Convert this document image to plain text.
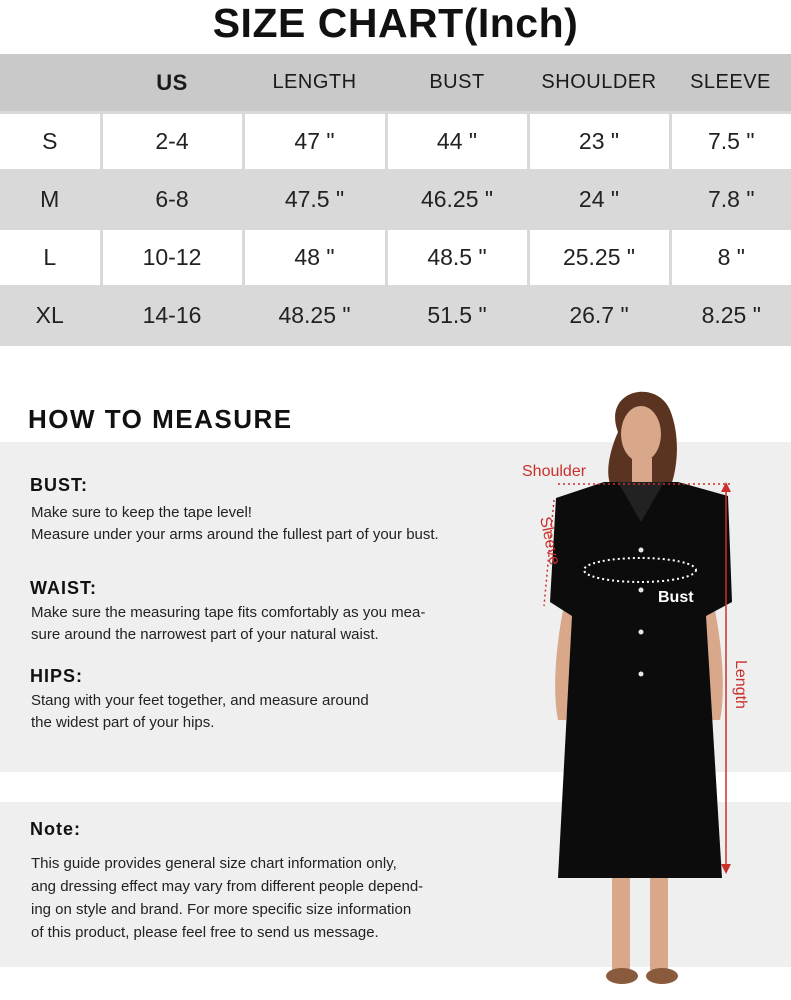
SIZE CHART(Inch)
	US	LENGTH	BUST	SHOULDER	SLEEVE
S	2-4	47 "	44 "	23 "	7.5 "
M	6-8	47.5 "	46.25 "	24 "	7.8 "
L	10-12	48 "	48.5 "	25.25 "	8 "
XL	14-16	48.25 "	51.5 "	26.7 "	8.25 "
HOW TO MEASURE
BUST:
Make sure to keep the tape level!
Measure under your arms around the fullest part of your bust.
WAIST:
Make sure the measuring tape fits comfortably as you mea-
sure around the narrowest part of your natural waist.
HIPS:
Stang with your feet together, and measure around
the widest part of your hips.
Note:
This guide provides general size chart information only,
ang dressing effect may vary from different people depend-
ing on style and brand. For more specific size information
of this product, please feel free to send us message.
Shoulder
Sleeve
Bust
Length
